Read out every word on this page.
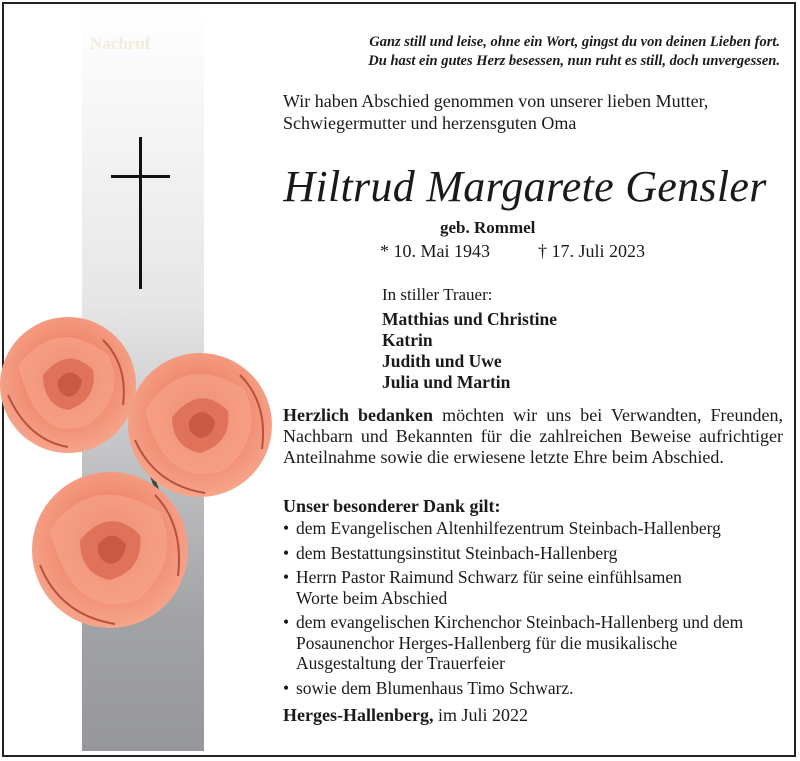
Nachruf	Ganz still und leise, ohne ein Wort, gingst du von deinen Lieben fort.
Du hast ein gutes Herz besessen, nun ruht es still, doch unvergessen.
Wir haben Abschied genommen von unserer lieben Mutter,
Schwiegermutter und herzensguten Oma
Hiltrud Margarete Gensler
geb. Rommel
* 10. Mai 1943	† 17. Juli 2023
In stiller Trauer:
Matthias und Christine
Katrin
Judith und Uwe
Julia und Martin
Herzlich bedanken möchten wir uns bei Verwandten, Freunden, Nachbarn und Bekannten für die zahlreichen Beweise aufrichtiger Anteilnahme sowie die erwiesene letzte Ehre beim Abschied.
Unser besonderer Dank gilt:
• dem Evangelischen Altenhilfezentrum Steinbach-Hallenberg
• dem Bestattungsinstitut Steinbach-Hallenberg
• Herrn Pastor Raimund Schwarz für seine einfühlsamen Worte beim Abschied
• dem evangelischen Kirchenchor Steinbach-Hallenberg und dem Posaunenchor Herges-Hallenberg für die musikalische Ausgestaltung der Trauerfeier
• sowie dem Blumenhaus Timo Schwarz.
Herges-Hallenberg, im Juli 2022
